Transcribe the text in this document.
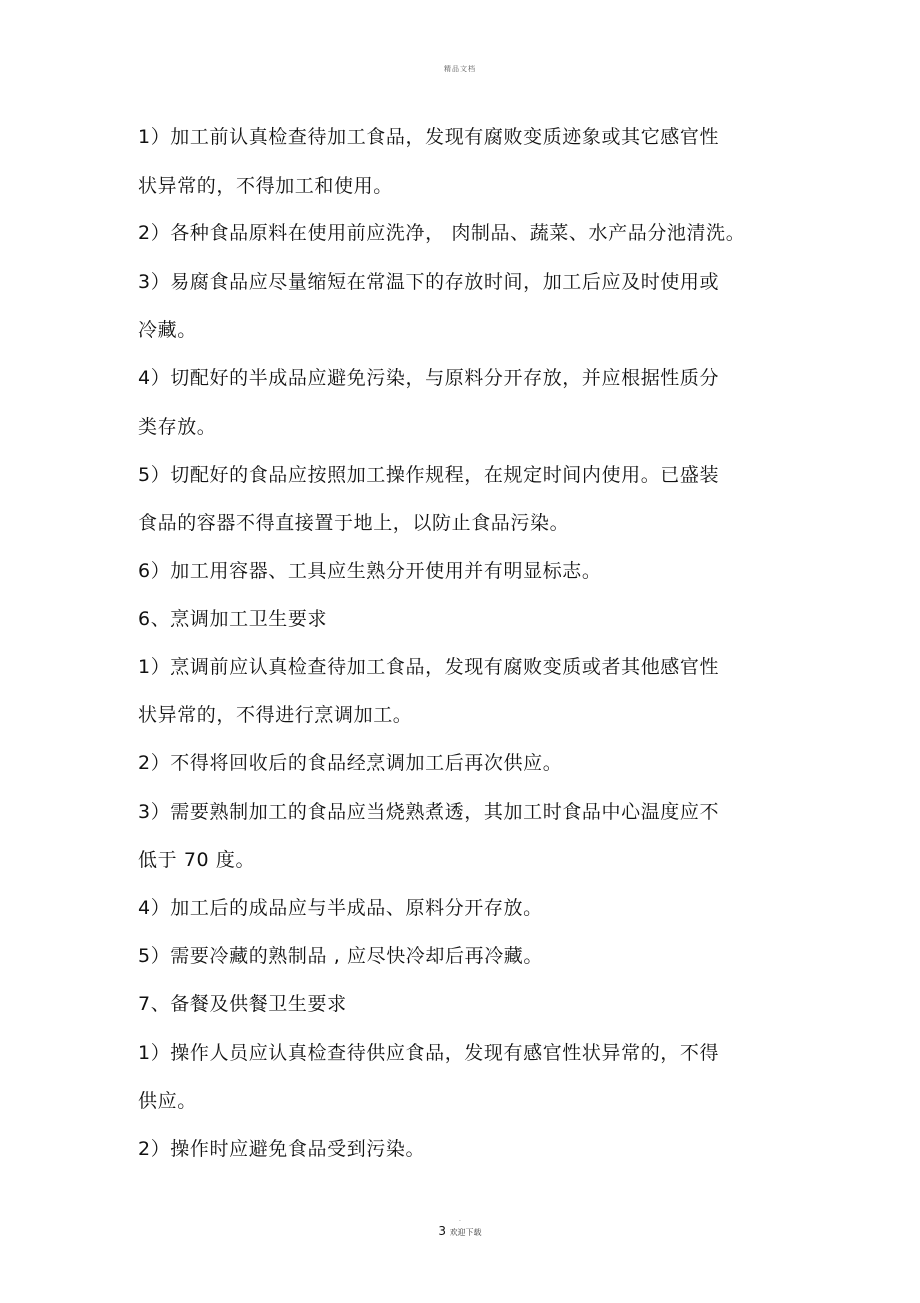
精品文档
1）加工前认真检查待加工食品，发现有腐败变质迹象或其它感官性
状异常的，不得加工和使用。
2）各种食品原料在使用前应洗净， 肉制品、蔬菜、水产品分池清洗。
3）易腐食品应尽量缩短在常温下的存放时间，加工后应及时使用或
冷藏。
4）切配好的半成品应避免污染，与原料分开存放，并应根据性质分
类存放。
5）切配好的食品应按照加工操作规程，在规定时间内使用。已盛装
食品的容器不得直接置于地上，以防止食品污染。
6）加工用容器、工具应生熟分开使用并有明显标志。
6、烹调加工卫生要求
1）烹调前应认真检查待加工食品，发现有腐败变质或者其他感官性
状异常的，不得进行烹调加工。
2）不得将回收后的食品经烹调加工后再次供应。
3）需要熟制加工的食品应当烧熟煮透，其加工时食品中心温度应不
低于 70 度。
4）加工后的成品应与半成品、原料分开存放。
5）需要冷藏的熟制品 , 应尽快冷却后再冷藏。
7、备餐及供餐卫生要求
1）操作人员应认真检查待供应食品，发现有感官性状异常的，不得
供应。
2）操作时应避免食品受到污染。
.
3 欢迎下载
